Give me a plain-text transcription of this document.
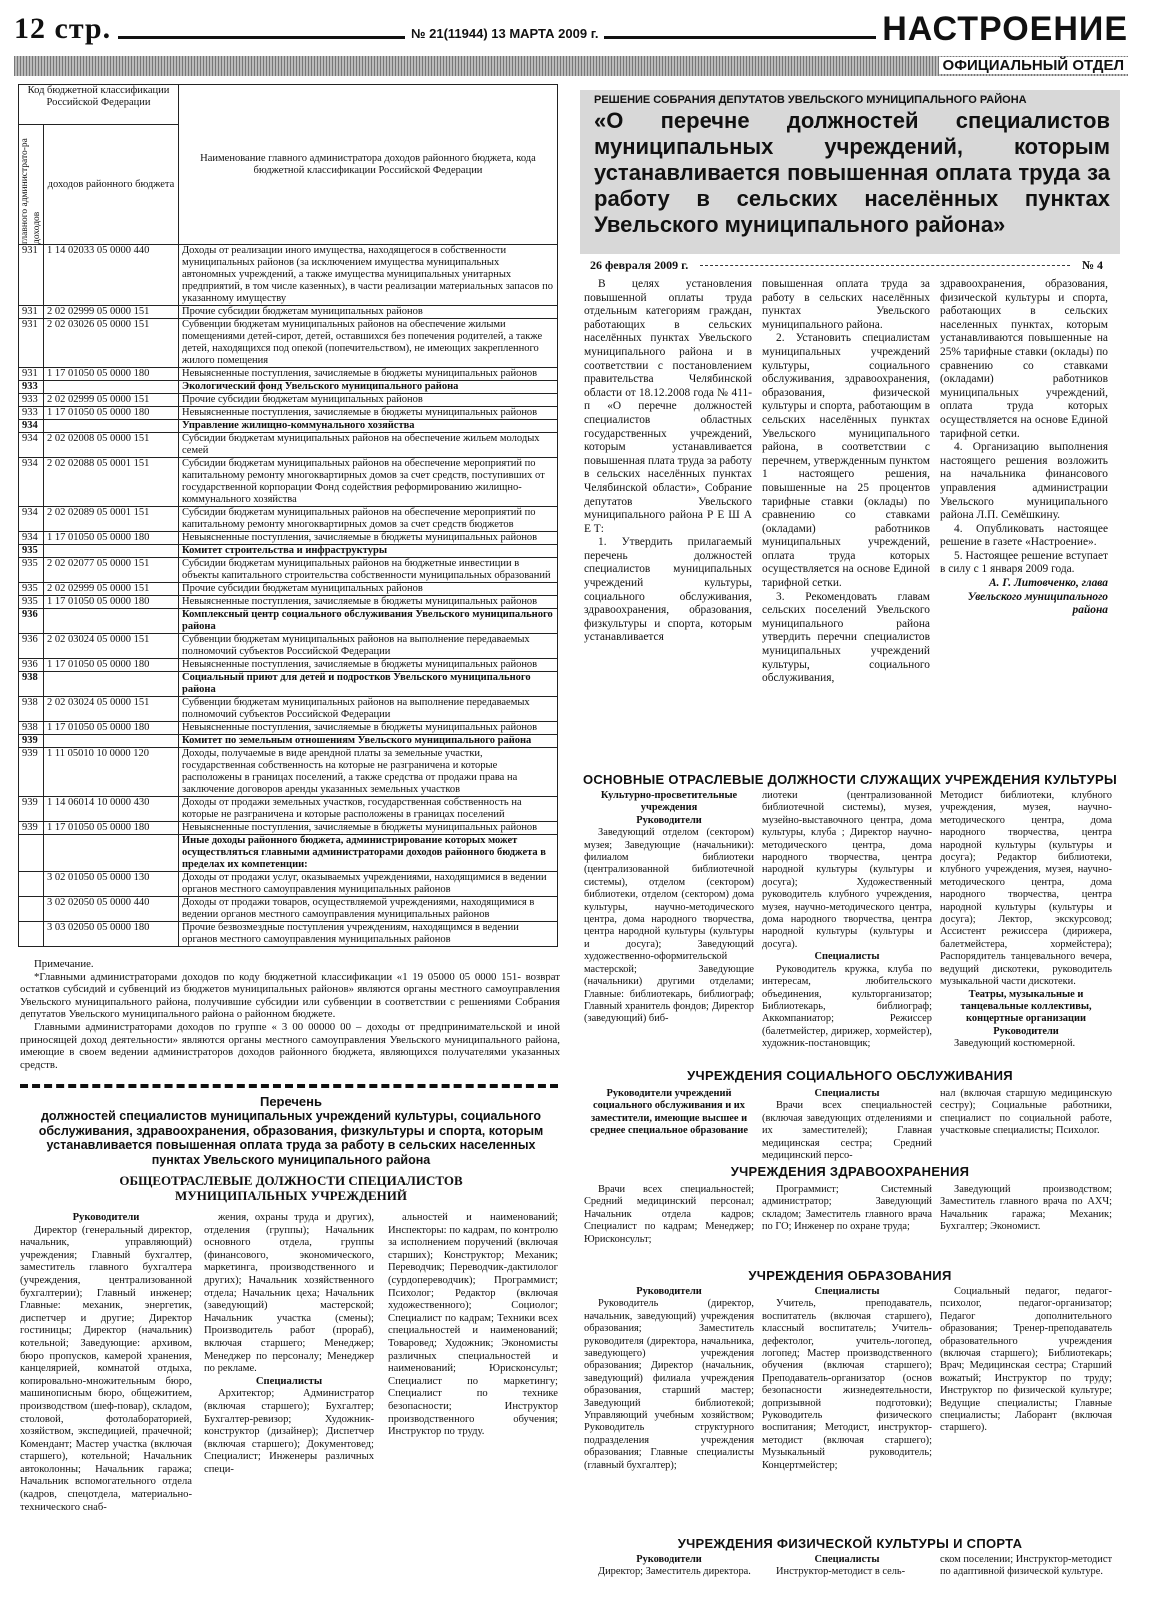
12 стр.	№ 21(11944) 13 МАРТА 2009 г.	НАСТРОЕНИЕ
ОФИЦИАЛЬНЫЙ ОТДЕЛ
Код бюджетной классификации Российской Федерации		Наименование главного администратора доходов районного бюджета, кода бюджетной классификации Российской Федерации

главного администрато-ра доходов	доходов районного бюджета	
931	1 14 02033 05 0000 440	Доходы от реализации иного имущества, находящегося в собственности муниципальных районов (за исключением имущества муниципальных автономных учреждений, а также имущества муниципальных унитарных предприятий, в том числе казенных), в части реализации материальных запасов по указанному имуществу
931	2 02 02999 05 0000 151	Прочие субсидии бюджетам муниципальных районов
931	2 02 03026 05 0000 151	Субвенции бюджетам муниципальных районов на обеспечение жилыми помещениями детей-сирот, детей, оставшихся без попечения родителей, а также детей, находящихся под опекой (попечительством), не имеющих закрепленного жилого помещения
931	1 17 01050 05 0000 180	Невыясненные поступления, зачисляемые в бюджеты муниципальных районов
933		Экологический фонд Увельского муниципального района
933	2 02 02999 05 0000 151	Прочие субсидии бюджетам муниципальных районов
933	1 17 01050 05 0000 180	Невыясненные поступления, зачисляемые в бюджеты муниципальных районов
934		Управление жилищно-коммунального хозяйства
934	2 02 02008 05 0000 151	Субсидии бюджетам муниципальных районов на обеспечение жильем молодых семей
934	2 02 02088 05 0001 151	Субсидии бюджетам муниципальных районов на обеспечение мероприятий по капитальному ремонту многоквартирных домов за счет средств, поступивших от государственной корпорации Фонд содействия реформированию жилищно-коммунального хозяйства
934	2 02 02089 05 0001 151	Субсидии бюджетам муниципальных районов на обеспечение мероприятий по капитальному ремонту многоквартирных домов за счет средств бюджетов
934	1 17 01050 05 0000 180	Невыясненные поступления, зачисляемые в бюджеты муниципальных районов
935		Комитет строительства и инфраструктуры
935	2 02 02077 05 0000 151	Субсидии бюджетам муниципальных районов на бюджетные инвестиции в объекты капитального строительства собственности муниципальных образований
935	2 02 02999 05 0000 151	Прочие субсидии бюджетам муниципальных районов
935	1 17 01050 05 0000 180	Невыясненные поступления, зачисляемые в бюджеты муниципальных районов
936		Комплексный центр социального обслуживания Увельского муниципального района
936	2 02 03024 05 0000 151	Субвенции бюджетам муниципальных районов на выполнение передаваемых полномочий субъектов Российской Федерации
936	1 17 01050 05 0000 180	Невыясненные поступления, зачисляемые в бюджеты муниципальных районов
938		Социальный приют для детей и подростков Увельского муниципального района
938	2 02 03024 05 0000 151	Субвенции бюджетам муниципальных районов на выполнение передаваемых полномочий субъектов Российской Федерации
938	1 17 01050 05 0000 180	Невыясненные поступления, зачисляемые в бюджеты муниципальных районов
939		Комитет по земельным отношениям Увельского муниципального района
939	1 11 05010 10 0000 120	Доходы, получаемые в виде арендной платы за земельные участки, государственная собственность на которые не разграничена и которые расположены в границах поселений, а также средства от продажи права на заключение договоров аренды указанных земельных участков
939	1 14 06014 10 0000 430	Доходы от продажи земельных участков, государственная собственность на которые не разграничена и которые расположены в границах поселений
939	1 17 01050 05 0000 180	Невыясненные поступления, зачисляемые в бюджеты муниципальных районов
		Иные доходы районного бюджета, администрирование которых может осуществляться главными администраторами доходов районного бюджета в пределах их компетенции:
	3 02 01050 05 0000 130	Доходы от продажи услуг, оказываемых учреждениями, находящимися в ведении органов местного самоуправления муниципальных районов
	3 02 02050 05 0000 440	Доходы от продажи товаров, осуществляемой учреждениями, находящимися в ведении органов местного самоуправления муниципальных районов
	3 03 02050 05 0000 180	Прочие безвозмездные поступления учреждениям, находящимся в ведении органов местного самоуправления муниципальных районов

Примечание.

*Главными администраторами доходов по коду бюджетной классификации «1 19 05000 05 0000 151- возврат остатков субсидий и субвенций из бюджетов муниципальных районов» являются органы местного самоуправления Увельского муниципального района, получившие субсидии или субвенции в соответствии с решениями Собрания депутатов Увельского муниципального района о районном бюджете.

Главными администраторами доходов по группе « 3 00 00000 00 – доходы от предпринимательской и иной приносящей доход деятельности» являются органы местного самоуправления Увельского муниципального района, имеющие в своем ведении администраторов доходов районного бюджета, являющихся получателями указанных средств.

Перечень
должностей специалистов муниципальных учреждений культуры, социального обслуживания, здравоохранения, образования, физкультуры и спорта, которым устанавливается повышенная оплата труда за работу в сельских населенных пунктах Увельского муниципального района
ОБЩЕОТРАСЛЕВЫЕ ДОЛЖНОСТИ СПЕЦИАЛИСТОВ МУНИЦИПАЛЬНЫХ УЧРЕЖДЕНИЙ
Руководители

Директор (генеральный директор, начальник, управляющий) учреждения; Главный бухгалтер, заместитель главного бухгалтера (учреждения, централизованной бухгалтерии); Главный инженер; Главные: механик, энергетик, диспетчер и другие; Директор гостиницы; Директор (начальник) котельной; Заведующие: архивом, бюро пропусков, камерой хранения, канцелярией, комнатой отдыха, копировально-множительным бюро, машинописным бюро, общежитием, производством (шеф-повар), складом, столовой, фотолабораторией, хозяйством, экспедицией, прачечной; Комендант; Мастер участка (включая старшего), котельной; Начальник автоколонны; Начальник гаража; Начальник вспомогательного отдела (кадров, спецотдела, материально-технического снаб-

жения, охраны труда и других), отделения (группы); Начальник основного отдела, группы (финансового, экономического, маркетинга, производственного и других); Начальник хозяйственного отдела; Начальник цеха; Начальник (заведующий) мастерской; Начальник участка (смены); Производитель работ (прораб), включая старшего; Менеджер; Менеджер по персоналу; Менеджер по рекламе.

Специалисты

Архитектор; Администратор (включая старшего); Бухгалтер; Бухгалтер-ревизор; Художник-конструктор (дизайнер); Диспетчер (включая старшего); Документовед; Специалист; Инженеры различных специ-

альностей и наименований; Инспекторы: по кадрам, по контролю за исполнением поручений (включая старших); Конструктор; Механик; Переводчик; Переводчик-дактилолог (сурдопереводчик); Программист; Психолог; Редактор (включая художественного); Социолог; Специалист по кадрам; Техники всех специальностей и наименований; Товаровед; Художник; Экономисты различных специальностей и наименований; Юрисконсульт; Специалист по маркетингу; Специалист по технике безопасности; Инструктор производственного обучения; Инструктор по труду.

РЕШЕНИЕ СОБРАНИЯ ДЕПУТАТОВ УВЕЛЬСКОГО МУНИЦИПАЛЬНОГО РАЙОНА
«О перечне должностей специалистов муниципальных учреждений, которым устанавливается повышенная оплата труда за работу в сельских населённых пунктах Увельского муниципального района»
26 февраля 2009 г.	№ 4

В целях установления повышенной оплаты труда отдельным категориям граждан, работающих в сельских населённых пунктах Увельского муниципального района и в соответствии с постановлением правительства Челябинской области от 18.12.2008 года № 411-п «О перечне должностей специалистов областных государственных учреждений, которым устанавливается повышенная плата труда за работу в сельских населённых пунктах Челябинской области», Собрание депутатов Увельского муниципального района Р Е Ш А Е Т:

1. Утвердить прилагаемый перечень должностей специалистов муниципальных учреждений культуры, социального обслуживания, здравоохранения, образования, физкультуры и спорта, которым устанавливается

повышенная оплата труда за работу в сельских населённых пунктах Увельского муниципального района.

2. Установить специалистам муниципальных учреждений культуры, социального обслуживания, здравоохранения, образования, физической культуры и спорта, работающим в сельских населённых пунктах Увельского муниципального района, в соответствии с перечнем, утвержденным пунктом 1 настоящего решения, повышенные на 25 процентов тарифные ставки (оклады) по сравнению со ставками (окладами) работников муниципальных учреждений, оплата труда которых осуществляется на основе Единой тарифной сетки.

3. Рекомендовать главам сельских поселений Увельского муниципального района утвердить перечни специалистов муниципальных учреждений культуры, социального обслуживания,

здравоохранения, образования, физической культуры и спорта, работающих в сельских населенных пунктах, которым устанавливаются повышенные на 25% тарифные ставки (оклады) по сравнению со ставками (окладами) работников муниципальных учреждений, оплата труда которых осуществляется на основе Единой тарифной сетки.

4. Организацию выполнения настоящего решения возложить на начальника финансового управления администрации Увельского муниципального района Л.П. Семёшкину.

4. Опубликовать настоящее решение в газете «Настроение».

5. Настоящее решение вступает в силу с 1 января 2009 года.

А. Г. Литовченко, глава Увельского муниципального района
ОСНОВНЫЕ ОТРАСЛЕВЫЕ ДОЛЖНОСТИ СЛУЖАЩИХ УЧРЕЖДЕНИЯ КУЛЬТУРЫ
Культурно-просветительные учреждения
Руководители

Заведующий отделом (сектором) музея; Заведующие (начальники): филиалом библиотеки (централизованной библиотечной системы), отделом (сектором) библиотеки, отделом (сектором) дома культуры, научно-методического центра, дома народного творчества, центра народной культуры (культуры и досуга); Заведующий художественно-оформительской мастерской; Заведующие (начальники) другими отделами; Главные: библиотекарь, библиограф; Главный хранитель фондов; Директор (заведующий) биб-

лиотеки (централизованной библиотечной системы), музея, музейно-выставочного центра, дома культуры, клуба ; Директор научно-методического центра, дома народного творчества, центра народной культуры (культуры и досуга); Художественный руководитель клубного учреждения, музея, научно-методического центра, дома народного творчества, центра народной культуры (культуры и досуга).

Специалисты

Руководитель кружка, клуба по интересам, любительского объединения, культорганизатор; Библиотекарь, библиограф; Аккомпаниатор; Режиссер (балетмейстер, дирижер, хормейстер), художник-постановщик;

Методист библиотеки, клубного учреждения, музея, научно-методического центра, дома народного творчества, центра народной культуры (культуры и досуга); Редактор библиотеки, клубного учреждения, музея, научно-методического центра, дома народного творчества, центра народной культуры (культуры и досуга); Лектор, экскурсовод; Ассистент режиссера (дирижера, балетмейстера, хормейстера); Распорядитель танцевального вечера, ведущий дискотеки, руководитель музыкальной части дискотеки.

Театры, музыкальные и танцевальные коллективы, концертные организации
Руководители

Заведующий костюмерной.

УЧРЕЖДЕНИЯ СОЦИАЛЬНОГО ОБСЛУЖИВАНИЯ
Руководители учреждений социального обслуживания и их заместители, имеющие высшее и среднее специальное образование
Специалисты

Врачи всех специальностей (включая заведующих отделениями и их заместителей); Главная медицинская сестра; Средний медицинский персо-

нал (включая старшую медицинскую сестру); Социальные работники, специалист по социальной работе, участковые специалисты; Психолог.

УЧРЕЖДЕНИЯ ЗДРАВООХРАНЕНИЯ

Врачи всех специальностей; Средний медицинский персонал; Начальник отдела кадров; Специалист по кадрам; Менеджер; Юрисконсульт;

Программист; Системный администратор; Заведующий складом; Заместитель главного врача по ГО; Инженер по охране труда;

Заведующий производством; Заместитель главного врача по АХЧ; Начальник гаража; Механик; Бухгалтер; Экономист.

УЧРЕЖДЕНИЯ ОБРАЗОВАНИЯ
Руководители

Руководитель (директор, начальник, заведующий) учреждения образования; Заместитель руководителя (директора, начальника, заведующего) учреждения образования; Директор (начальник, заведующий) филиала учреждения образования, старший мастер; Заведующий библиотекой; Управляющий учебным хозяйством; Руководитель структурного подразделения учреждения образования; Главные специалисты (главный бухгалтер);

Специалисты

Учитель, преподаватель, воспитатель (включая старшего), классный воспитатель; Учитель-дефектолог, учитель-логопед, логопед; Мастер производственного обучения (включая старшего); Преподаватель-организатор (основ безопасности жизнедеятельности, допризывной подготовки); Руководитель физического воспитания; Методист, инструктор-методист (включая старшего); Музыкальный руководитель; Концертмейстер;

Социальный педагог, педагог-психолог, педагог-организатор; Педагог дополнительного образования; Тренер-преподаватель образовательного учреждения (включая старшего); Библиотекарь; Врач; Медицинская сестра; Старший вожатый; Инструктор по труду; Инструктор по физической культуре; Ведущие специалисты; Главные специалисты; Лаборант (включая старшего).

УЧРЕЖДЕНИЯ ФИЗИЧЕСКОЙ КУЛЬТУРЫ И СПОРТА
Руководители

Директор; Заместитель директора.

Специалисты

Инструктор-методист в сель-

ском поселении; Инструктор-методист по адаптивной физической культуре.
